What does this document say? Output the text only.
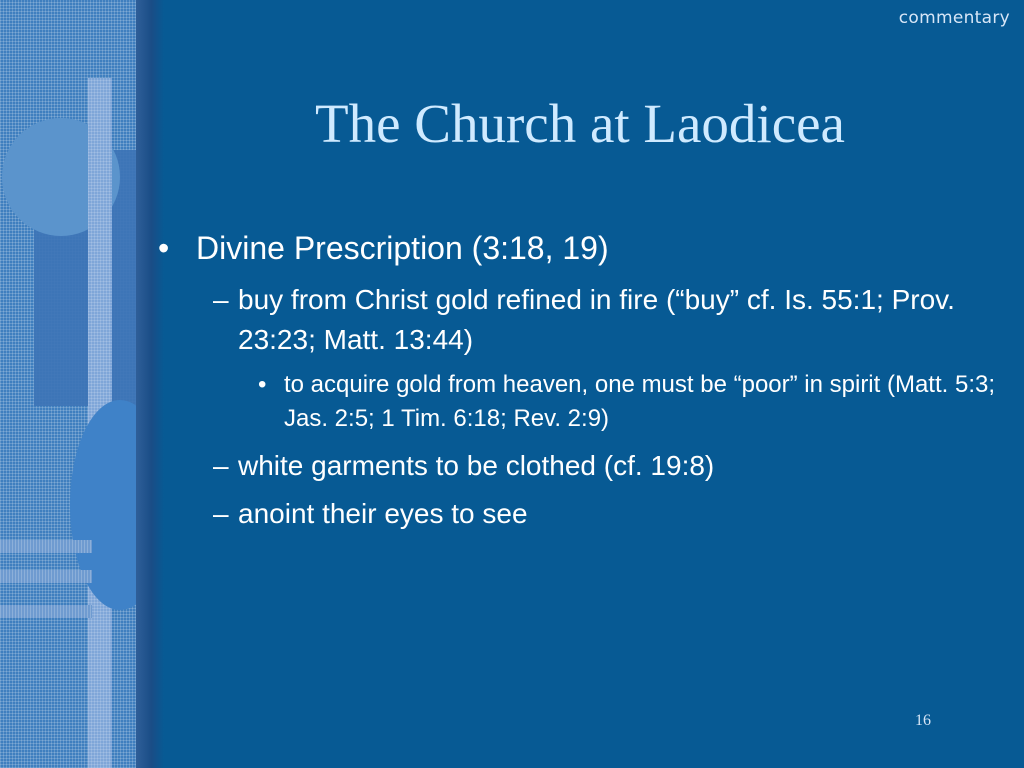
commentary
The Church at Laodicea
• Divine Prescription (3:18, 19)
– buy from Christ gold refined in fire (“buy” cf. Is. 55:1; Prov. 23:23; Matt. 13:44)
• to acquire gold from heaven, one must be “poor” in spirit (Matt. 5:3; Jas. 2:5; 1 Tim. 6:18; Rev. 2:9)
– white garments to be clothed (cf. 19:8)
– anoint their eyes to see
16
